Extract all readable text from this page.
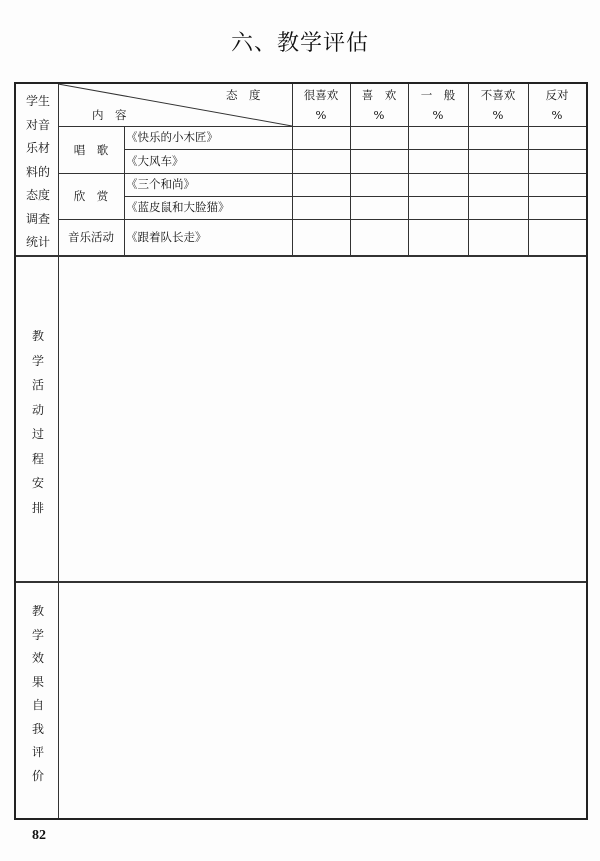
六、教学评估
学生
对音
乐材
料的
态度
调查
统计
态　度
内　容
很喜欢
%
喜　欢
%
一　般
%
不喜欢
%
反对
%
唱　歌
《快乐的小木匠》
《大风车》
欣　赏
《三个和尚》
《蓝皮鼠和大脸猫》
音乐活动	《跟着队长走》
教
学
活
动
过
程
安
排
教
学
效
果
自
我
评
价
82
